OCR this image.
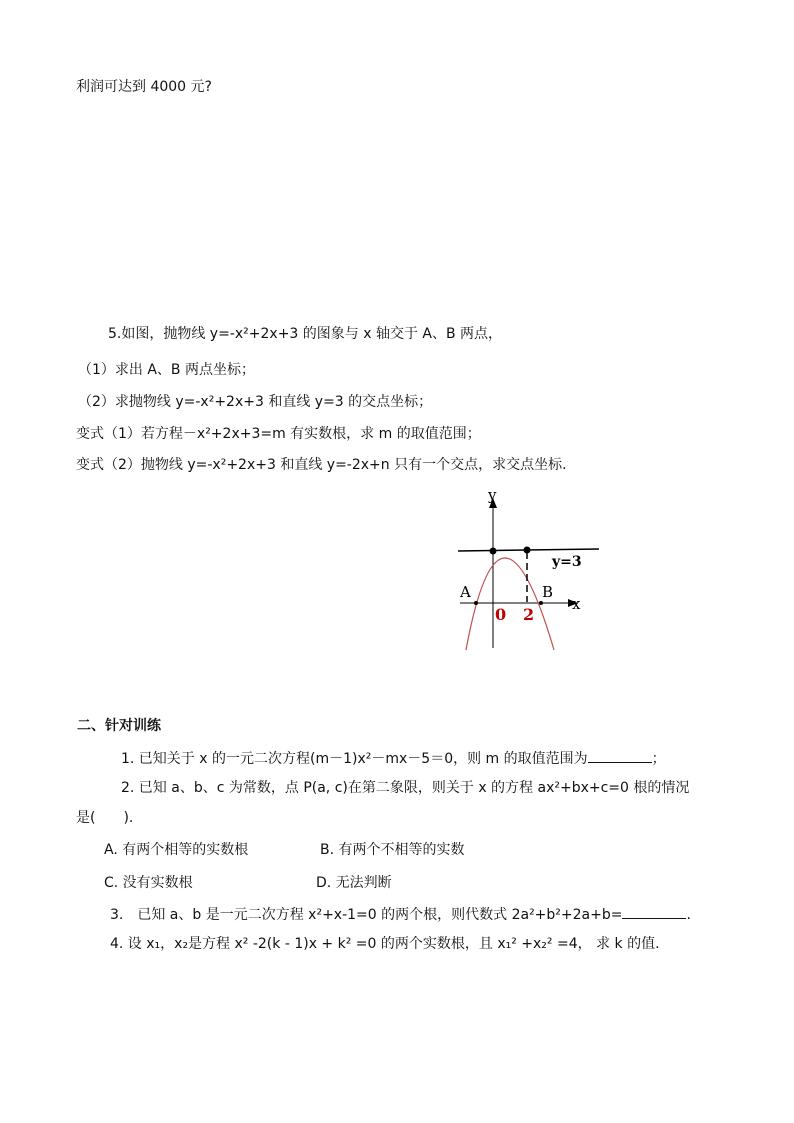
利润可达到 4000 元?
5.如图，抛物线 y=-x²+2x+3 的图象与 x 轴交于 A、B 两点，
（1）求出 A、B 两点坐标；
（2）求抛物线 y=-x²+2x+3 和直线 y=3 的交点坐标；
变式（1）若方程－x²+2x+3=m 有实数根，求 m 的取值范围；
变式（2）抛物线 y=-x²+2x+3 和直线 y=-2x+n 只有一个交点，求交点坐标.
y
x
y=3
A	B
0 2
二、针对训练
1. 已知关于 x 的一元二次方程(m－1)x²－mx－5＝0，则 m 的取值范围为	；
2. 已知 a、b、c 为常数，点 P(a, c)在第二象限，则关于 x 的方程 ax²+bx+c=0 根的情况
是(　　).
A. 有两个相等的实数根	B. 有两个不相等的实数
C. 没有实数根	D. 无法判断
3.　已知 a、b 是一元二次方程 x²+x-1=0 的两个根，则代数式 2a²+b²+2a+b=	.
4. 设 x₁，x₂是方程 x² -2(k - 1)x + k² =0 的两个实数根，且 x₁² +x₂² =4， 求 k 的值.
